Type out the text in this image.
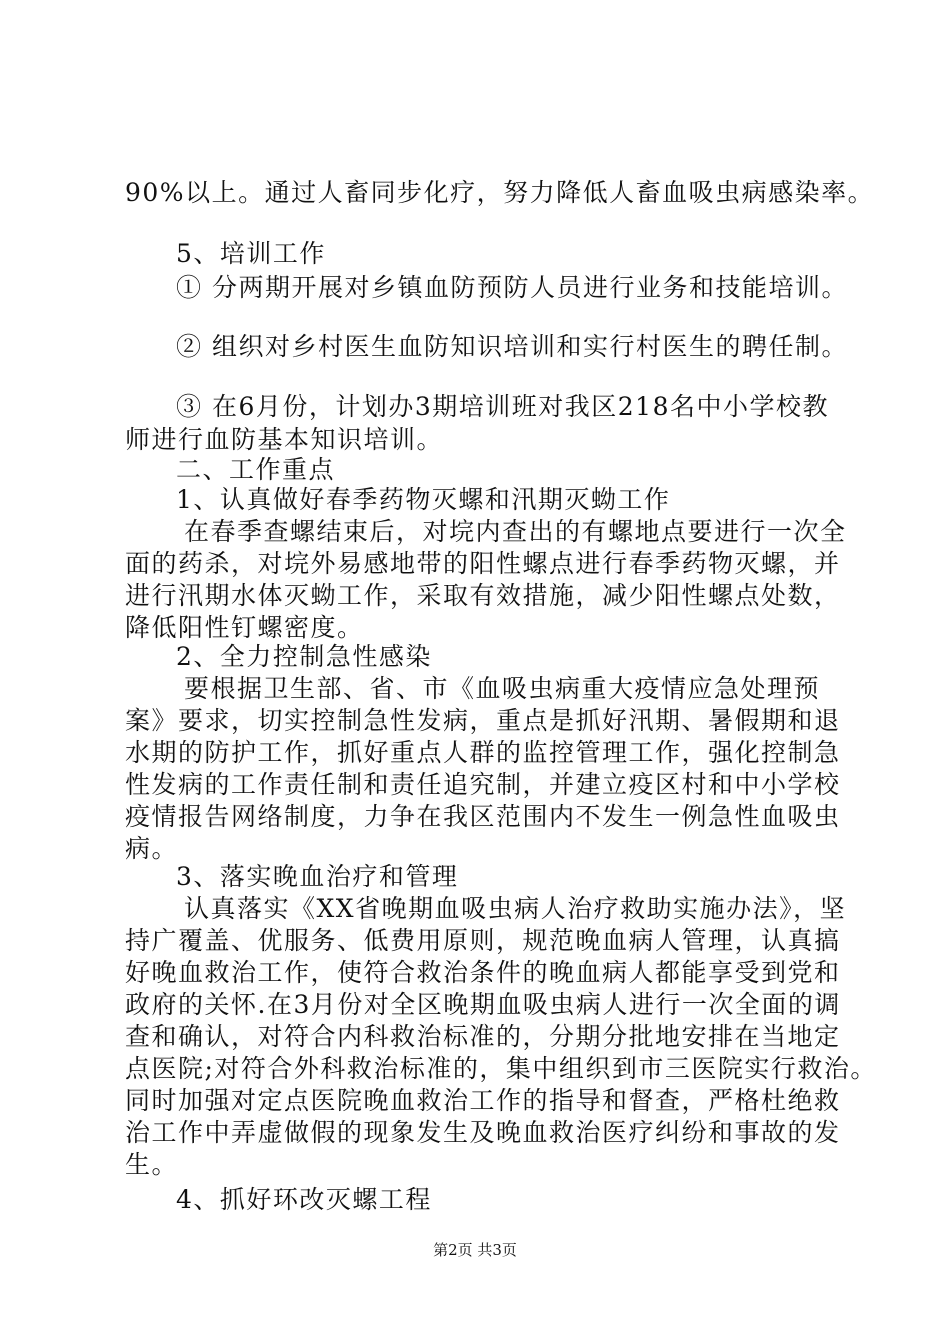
90%以上。通过人畜同步化疗，努力降低人畜血吸虫病感染率。
5、培训工作
① 分两期开展对乡镇血防预防人员进行业务和技能培训。
② 组织对乡村医生血防知识培训和实行村医生的聘任制。
③ 在6月份，计划办3期培训班对我区218名中小学校教
师进行血防基本知识培训。
二、工作重点
1、认真做好春季药物灭螺和汛期灭蚴工作
在春季查螺结束后，对垸内查出的有螺地点要进行一次全
面的药杀，对垸外易感地带的阳性螺点进行春季药物灭螺，并
进行汛期水体灭蚴工作，采取有效措施，减少阳性螺点处数，
降低阳性钉螺密度。
2、全力控制急性感染
要根据卫生部、省、市《血吸虫病重大疫情应急处理预
案》要求，切实控制急性发病，重点是抓好汛期、暑假期和退
水期的防护工作，抓好重点人群的监控管理工作，强化控制急
性发病的工作责任制和责任追究制，并建立疫区村和中小学校
疫情报告网络制度，力争在我区范围内不发生一例急性血吸虫
病。
3、落实晚血治疗和管理
认真落实《XX省晚期血吸虫病人治疗救助实施办法》，坚
持广覆盖、优服务、低费用原则，规范晚血病人管理，认真搞
好晚血救治工作，使符合救治条件的晚血病人都能享受到党和
政府的关怀.在3月份对全区晚期血吸虫病人进行一次全面的调
查和确认，对符合内科救治标准的，分期分批地安排在当地定
点医院;对符合外科救治标准的，集中组织到市三医院实行救治。
同时加强对定点医院晚血救治工作的指导和督查，严格杜绝救
治工作中弄虚做假的现象发生及晚血救治医疗纠纷和事故的发
生。
4、抓好环改灭螺工程
第2页 共3页
